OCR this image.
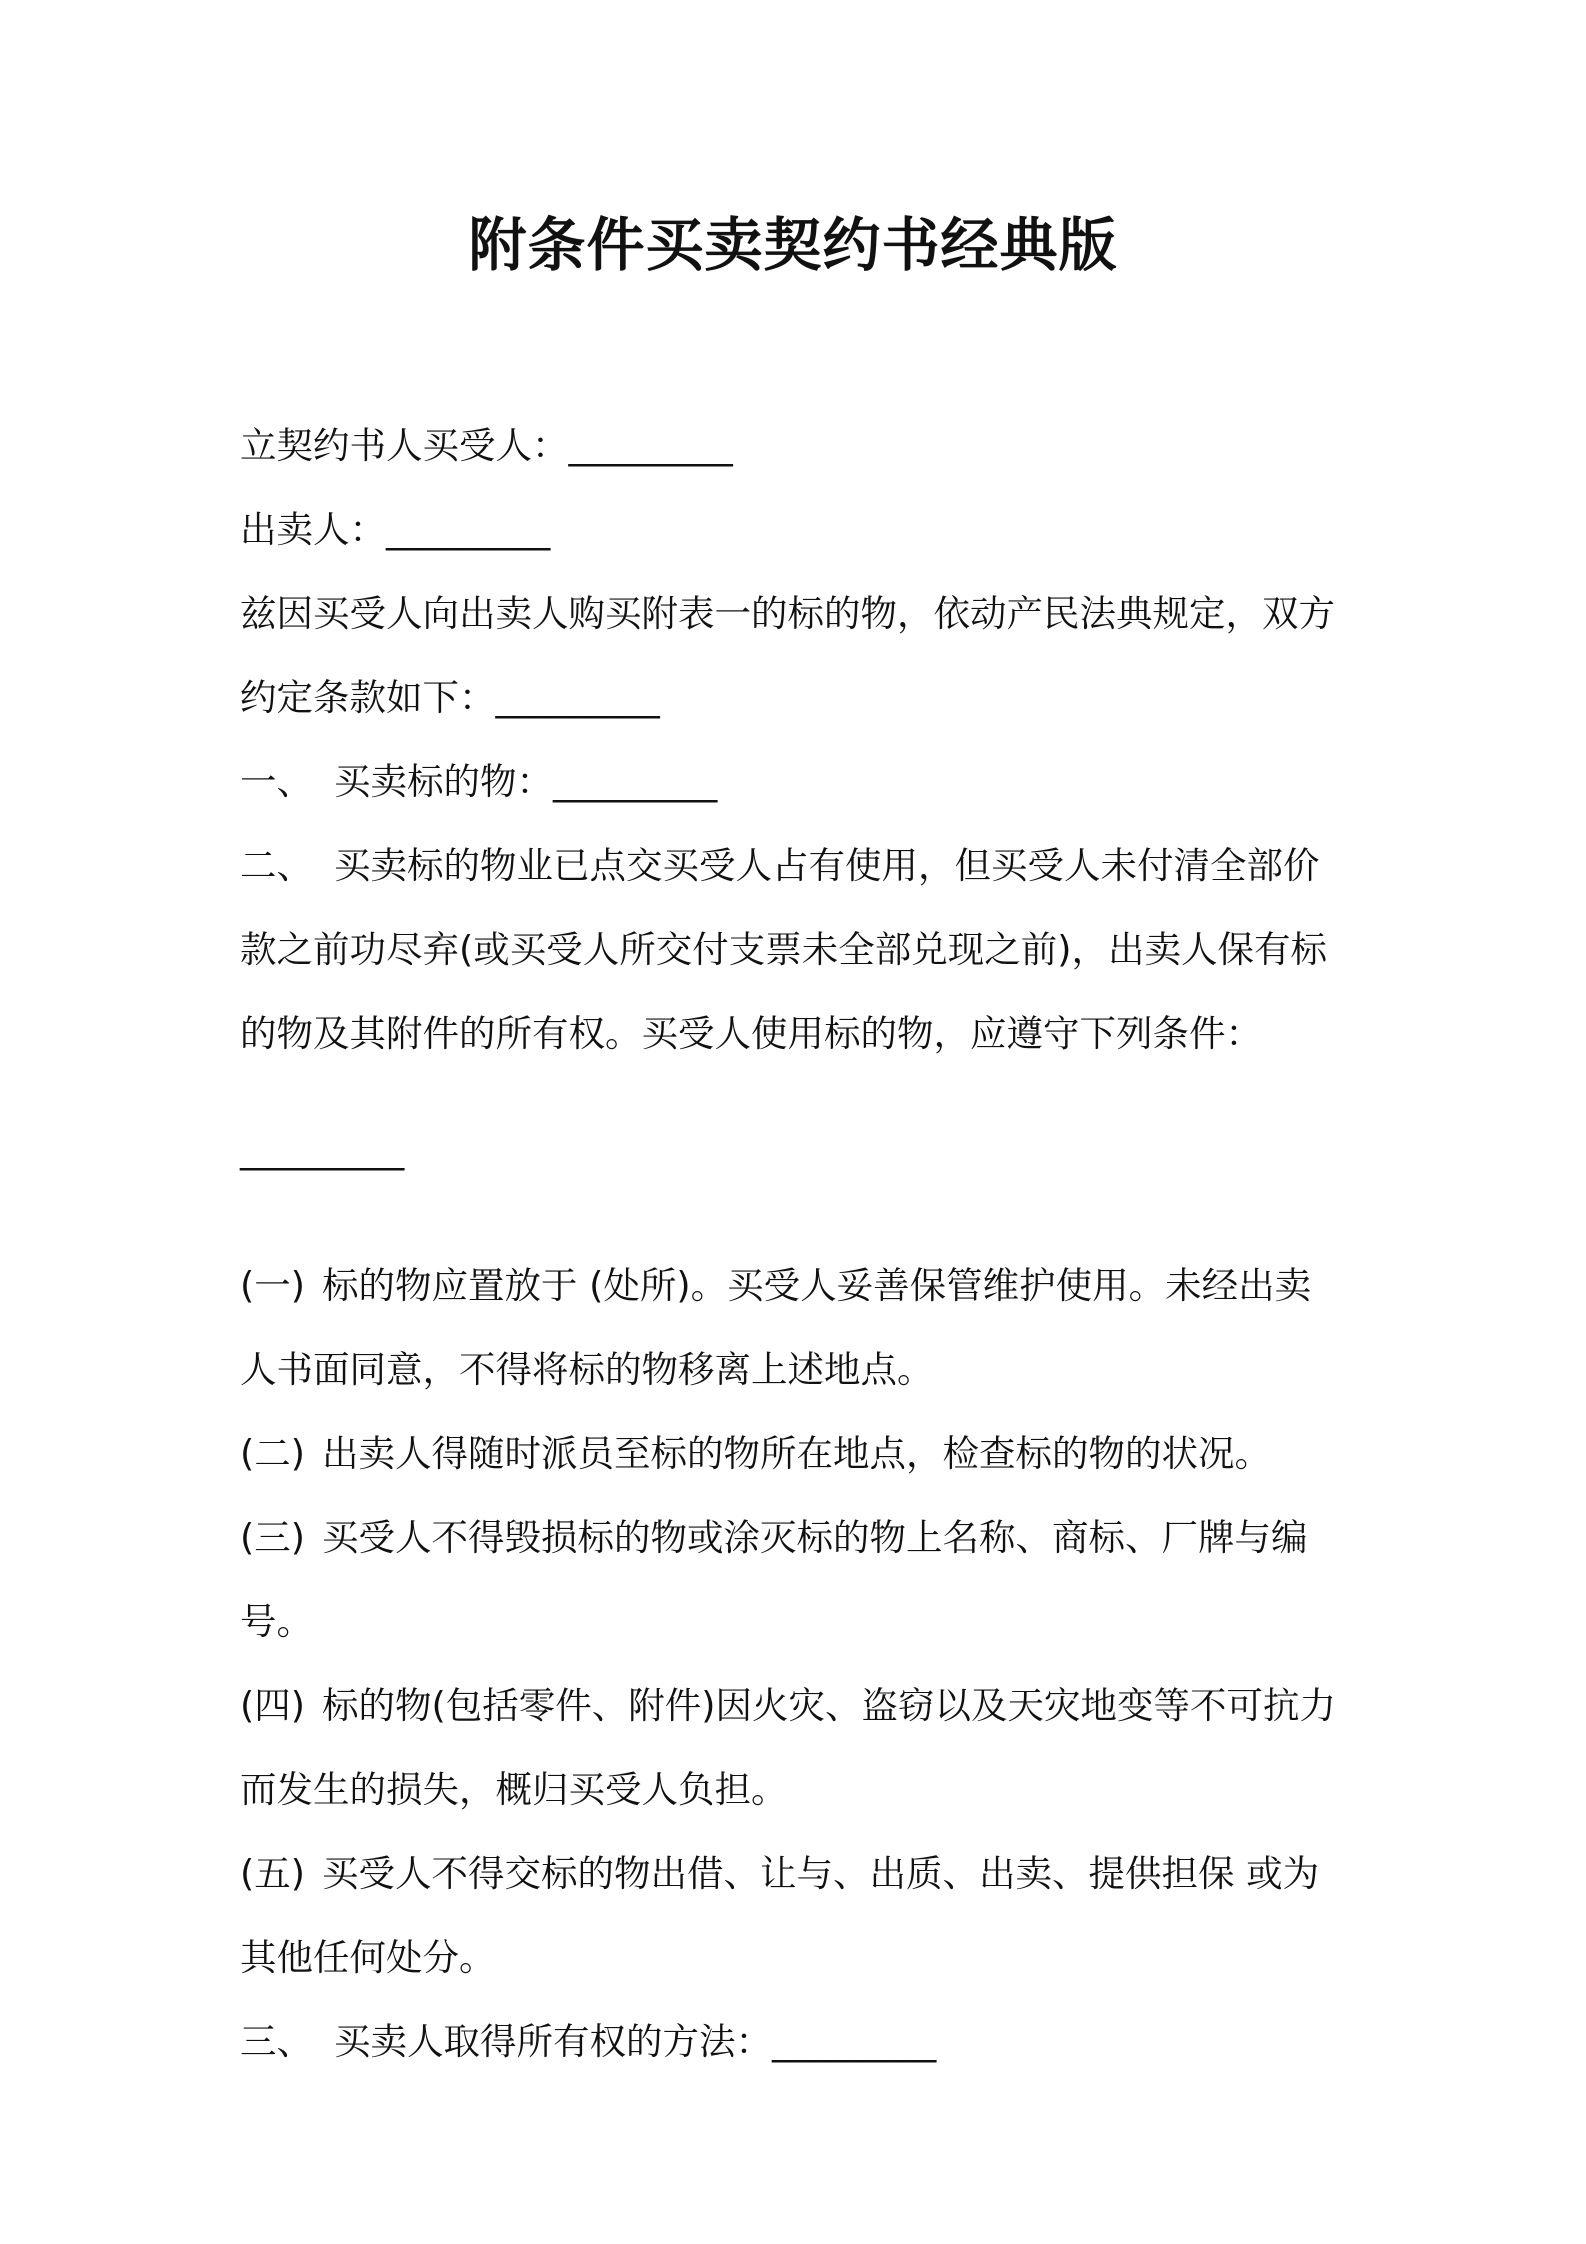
附条件买卖契约书经典版
立契约书人买受人：_________
出卖人：_________
兹因买受人向出卖人购买附表一的标的物，依动产民法典规定，双方
约定条款如下：_________
一、 买卖标的物：_________
二、 买卖标的物业已点交买受人占有使用，但买受人未付清全部价
款之前功尽弃(或买受人所交付支票未全部兑现之前)，出卖人保有标
的物及其附件的所有权。买受人使用标的物，应遵守下列条件：
_________
(一) 标的物应置放于 (处所)。买受人妥善保管维护使用。未经出卖
人书面同意，不得将标的物移离上述地点。
(二) 出卖人得随时派员至标的物所在地点，检查标的物的状况。
(三) 买受人不得毁损标的物或涂灭标的物上名称、商标、厂牌与编
号。
(四) 标的物(包括零件、附件)因火灾、盗窃以及天灾地变等不可抗力
而发生的损失，概归买受人负担。
(五) 买受人不得交标的物出借、让与、出质、出卖、提供担保 或为
其他任何处分。
三、 买卖人取得所有权的方法：_________
